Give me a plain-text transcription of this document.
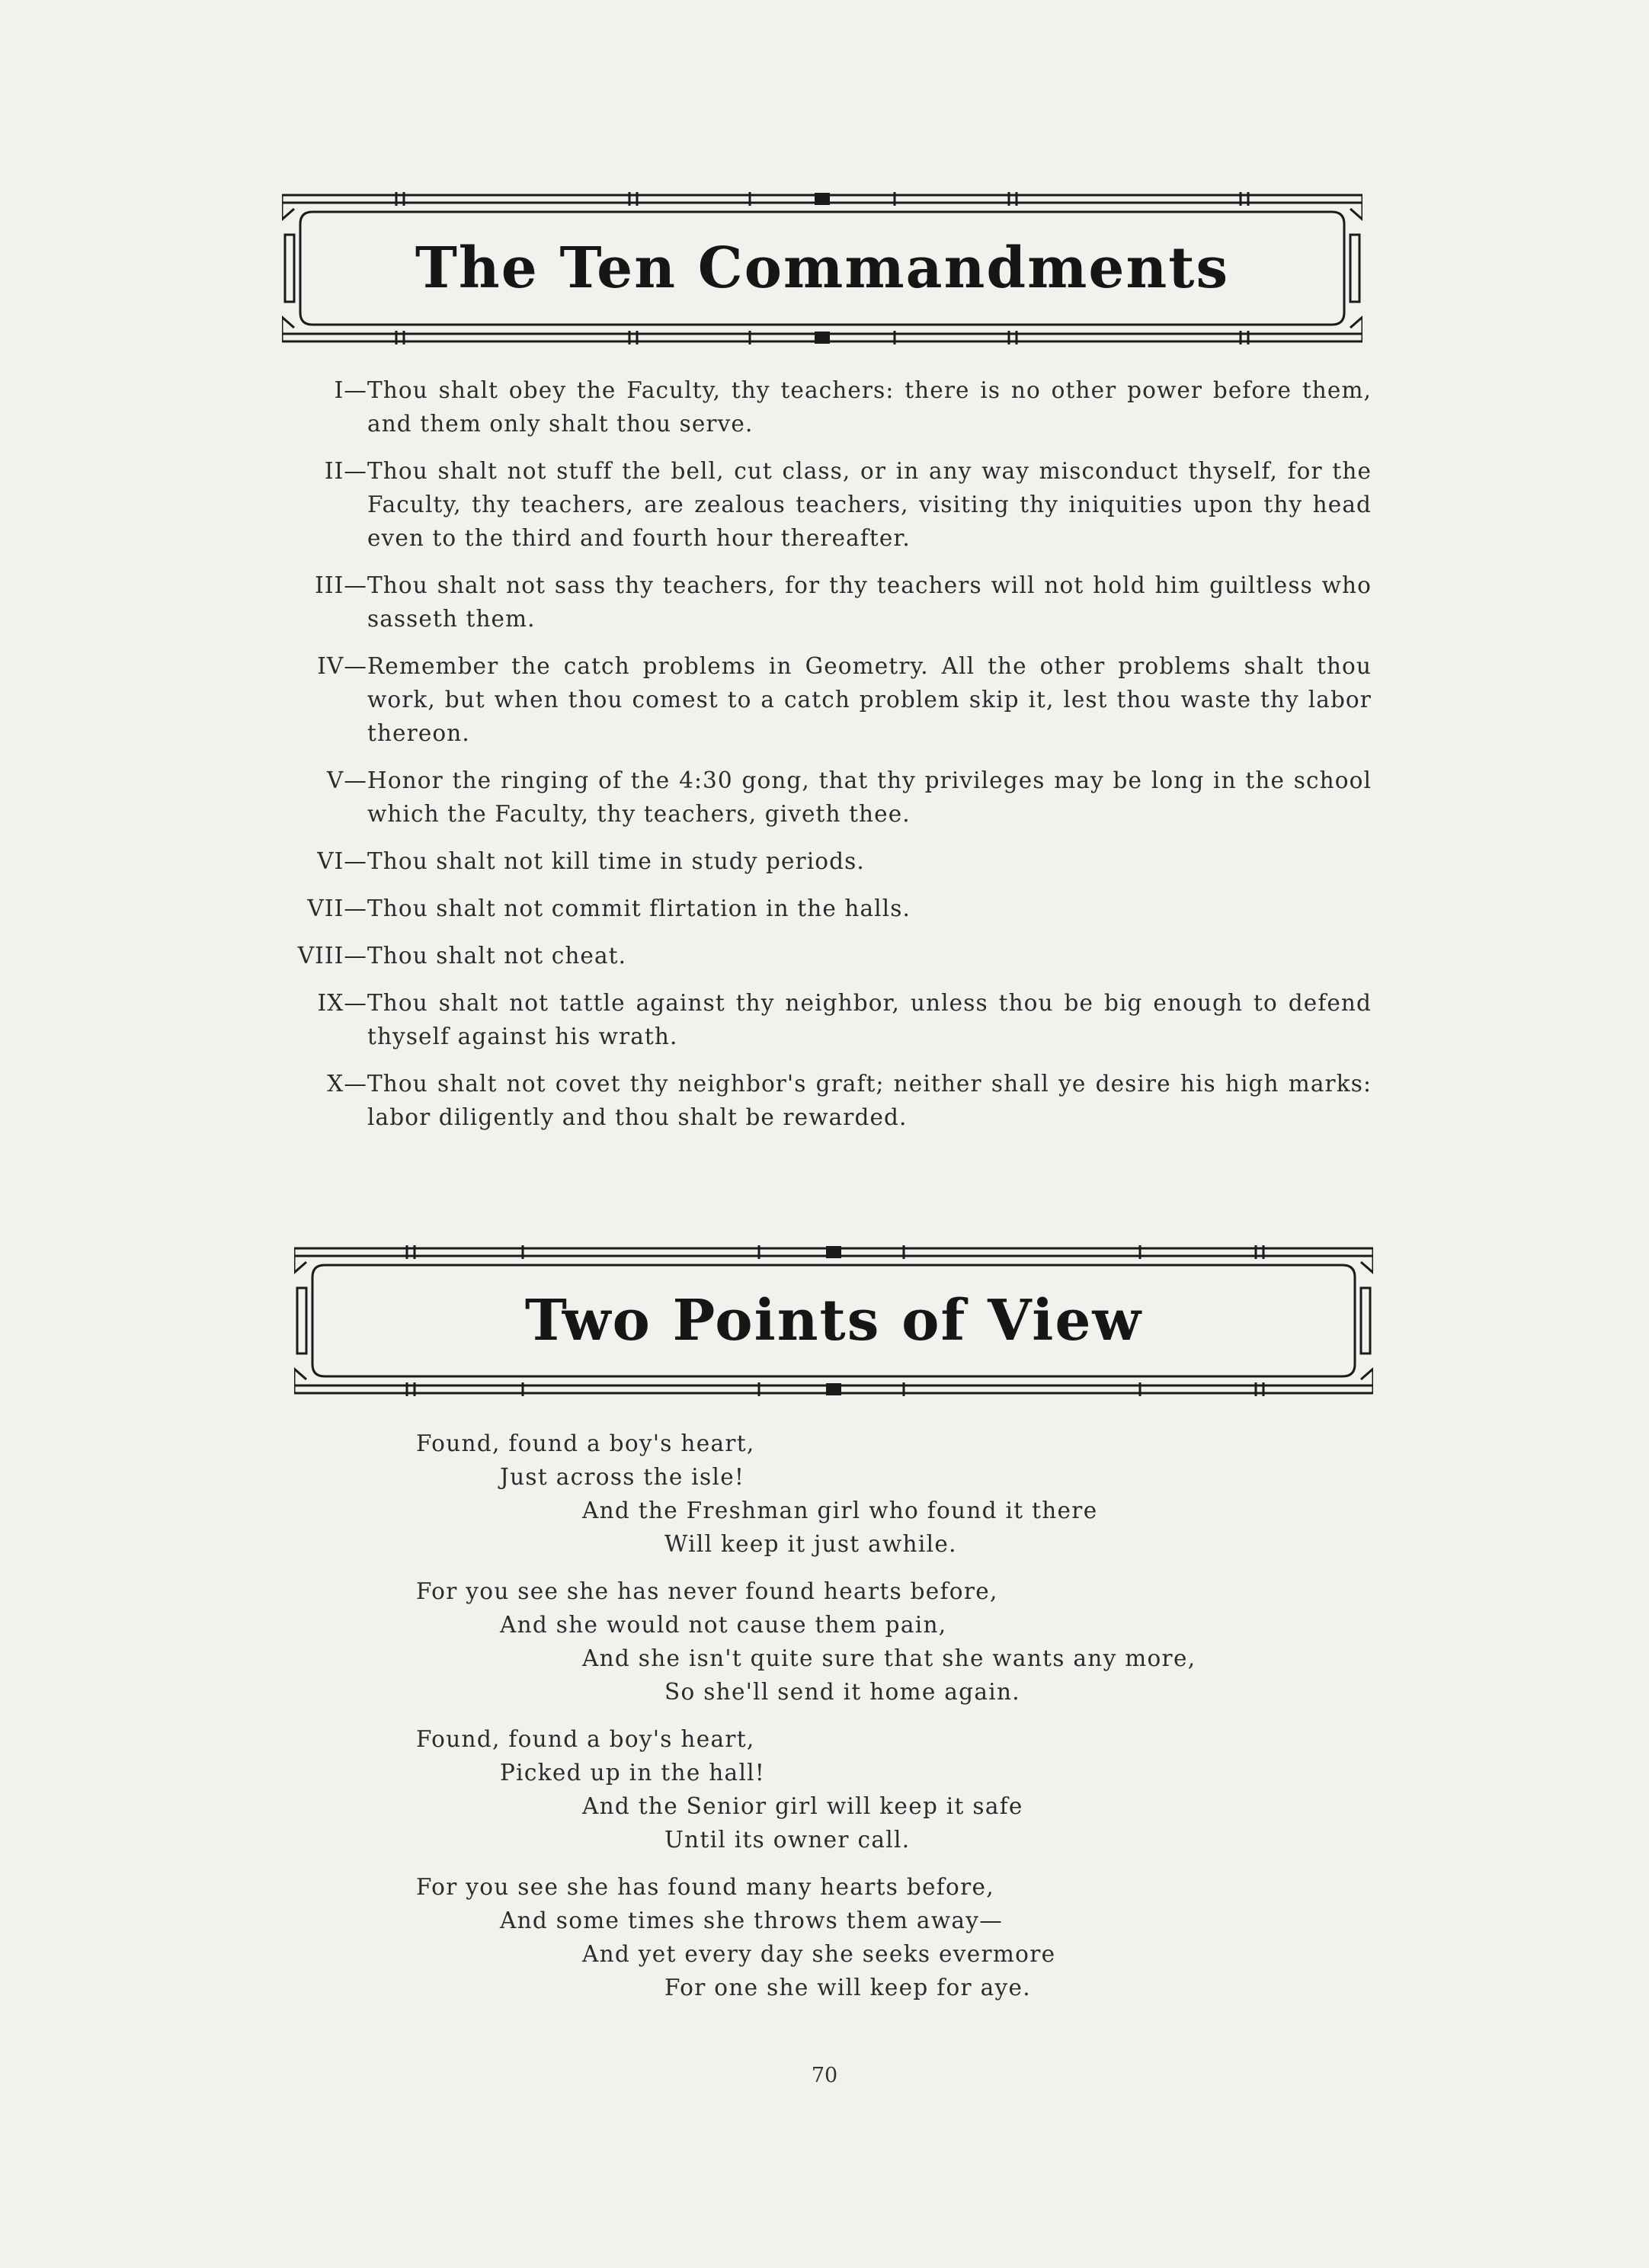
The Ten Commandments
I— Thou shalt obey the Faculty, thy teachers: there is no other power before them, and them only shalt thou serve.
II— Thou shalt not stuff the bell, cut class, or in any way misconduct thyself, for the Faculty, thy teachers, are zealous teachers, visiting thy iniquities upon thy head even to the third and fourth hour thereafter.
III— Thou shalt not sass thy teachers, for thy teachers will not hold him guiltless who sasseth them.
IV— Remember the catch problems in Geometry. All the other problems shalt thou work, but when thou comest to a catch problem skip it, lest thou waste thy labor thereon.
V— Honor the ringing of the 4:30 gong, that thy privileges may be long in the school which the Faculty, thy teachers, giveth thee.
VI— Thou shalt not kill time in study periods.
VII— Thou shalt not commit flirtation in the halls.
VIII— Thou shalt not cheat.
IX— Thou shalt not tattle against thy neighbor, unless thou be big enough to defend thyself against his wrath.
X— Thou shalt not covet thy neighbor's graft; neither shall ye desire his high marks: labor diligently and thou shalt be rewarded.
Two Points of View
Found, found a boy's heart,
Just across the isle!
And the Freshman girl who found it there
Will keep it just awhile.
For you see she has never found hearts before,
And she would not cause them pain,
And she isn't quite sure that she wants any more,
So she'll send it home again.
Found, found a boy's heart,
Picked up in the hall!
And the Senior girl will keep it safe
Until its owner call.
For you see she has found many hearts before,
And some times she throws them away—
And yet every day she seeks evermore
For one she will keep for aye.
70
